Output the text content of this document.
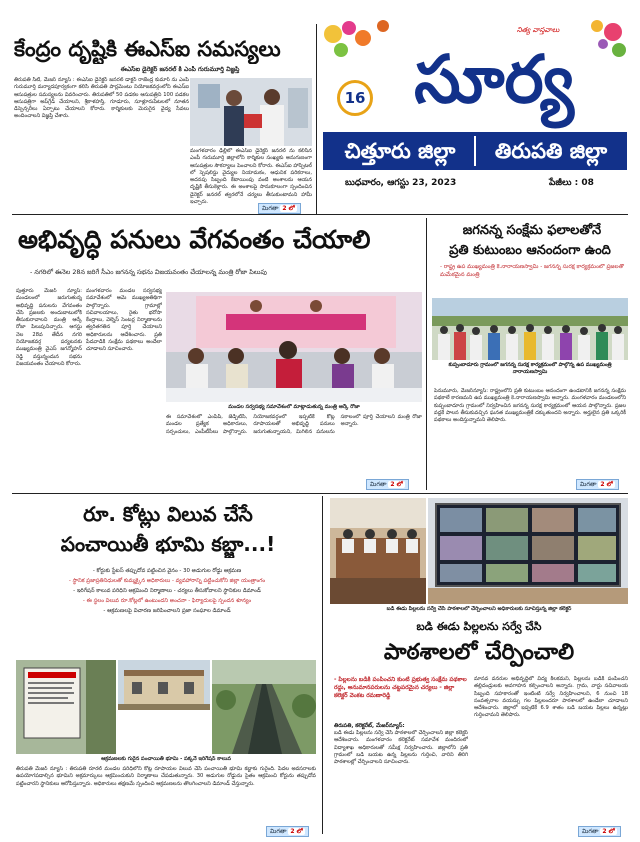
కేంద్రం దృష్టికి ఈఎస్ఐ సమస్యలు
ఈఎస్ఐ డైరెక్టర్ జనరల్ కి ఎంపీ గురుమూర్తి విజ్ఞప్తి
తిరుపతి సిటీ, మేజర్ న్యూస్ : ఈఎస్ఐ డైరెక్టర్ జనరల్ డాక్టర్ రాజేంద్ర కుమార్ ను ఎంపీ గురుమూర్తి మర్యాదపూర్వకంగా కలిసి తిరుపతి పార్లమెంటు నియోజకవర్గంలోని ఈఎస్ఐ ఆసుపత్రుల సమస్యలను వివరించారు. తిరుపతిలో 50 పడకల ఆసుపత్రిని 100 పడకల ఆసుపత్రిగా అప్‌గ్రేడ్ చేయాలని, శ్రీకాళహస్తి, గూడూరు, సూళ్లూరుపేటలలో నూతన డిస్పెన్సరీలు ఏర్పాటు చేయాలని కోరారు. కార్మికులకు మెరుగైన వైద్య సేవలు అందించాలని విజ్ఞప్తి చేశారు.
మంగళవారం ఢిల్లీలో ఈఎస్ఐ డైరెక్టర్ జనరల్ ను కలిసిన ఎంపీ గురుమూర్తి జిల్లాలోని కార్మికుల సంఖ్యకు అనుగుణంగా ఆసుపత్రుల సౌకర్యాలు పెంచాలని కోరారు. ఈఎస్ఐ హాస్పిటల్ లో స్పెషలిస్టు వైద్యుల నియామకం, ఆధునిక పరికరాలు, అదనపు సిబ్బంది కేటాయింపు వంటి అంశాలను ఆయన దృష్టికి తీసుకెళ్లారు. ఈ అంశాలపై సానుకూలంగా స్పందించిన డైరెక్టర్ జనరల్ త్వరలోనే చర్యలు తీసుకుంటామని హామీ ఇచ్చారు.
మిగతా 2 లో
16 సూర్య
నిత్య వాస్తవాలు
చిత్తూరు జిల్లా	తిరుపతి జిల్లా
బుధవారం, ఆగస్టు 23, 2023	పేజీలు : 08
అభివృద్ధి పనులు వేగవంతం చేయాలి
- నగరిలో ఈనెల 28న జరిగే సీఎం జగనన్న సభను విజయవంతం చేయాలన్న మంత్రి రోజా పిలుపు
పుత్తూరు మేజర్ న్యూస్: మండలంలో జరుగుతున్న అభివృద్ధి పనులను వేగవంతం చేసి ప్రజలకు అందుబాటులోకి తీసుకురావాలని మంత్రి ఆర్కే రోజా పిలుపునిచ్చారు. ఆగస్టు నెల 28వ తేదీన నగరి నియోజకవర్గ పర్యటనకు ముఖ్యమంత్రి వైఎస్ జగన్మోహన్ రెడ్డి వస్తున్నందున సభను విజయవంతం చేయాలని కోరారు.
మంగళవారం మండల సర్వసభ్య సమావేశంలో ఆమె ముఖ్యఅతిథిగా పాల్గొన్నారు. గ్రామాల్లో సచివాలయాలు, రైతు భరోసా కేంద్రాలు, వెల్నెస్ సెంటర్ల నిర్మాణాలను త్వరితగతిన పూర్తి చేయాలని అధికారులను ఆదేశించారు. ప్రతి పేదవాడికి సంక్షేమ పథకాలు అందేలా చూడాలని సూచించారు.
మండల సర్వసభ్య సమావేశంలో మాట్లాడుతున్న మంత్రి ఆర్కే రోజా
ఈ సమావేశంలో ఎంపీపీ, జెడ్పీటీసీ, మండల ప్రత్యేక అధికారులు, సర్పంచులు, ఎంపీటీసీలు పాల్గొన్నారు. నియోజకవర్గంలో ఇప్పటికే కోట్ల రూపాయలతో అభివృద్ధి పనులు జరుగుతున్నాయని, మిగిలిన పనులను సకాలంలో పూర్తి చేయాలని మంత్రి రోజా అన్నారు.
మిగతా 2 లో
జగనన్న సంక్షేమ ఫలాలతోనే
ప్రతి కుటుంబం ఆనందంగా ఉంది
- రాష్ట్ర ఉప ముఖ్యమంత్రి కె.నారాయణస్వామి - జగనన్న సురక్ష కార్యక్రమంలో ప్రజలతో మమేకమైన మంత్రి
కుప్పంబాదూరు గ్రామంలో జగనన్న సురక్ష కార్యక్రమంలో పాల్గొన్న ఉప ముఖ్యమంత్రి నారాయణస్వామి
పెనుమూరు, మేజర్‌న్యూస్: రాష్ట్రంలోని ప్రతి కుటుంబం ఆనందంగా ఉండటానికి జగనన్న సంక్షేమ పథకాలే కారణమని ఉప ముఖ్యమంత్రి కె.నారాయణస్వామి అన్నారు. మంగళవారం మండలంలోని కుప్పంబాదూరు గ్రామంలో నిర్వహించిన జగనన్న సురక్ష కార్యక్రమంలో ఆయన పాల్గొన్నారు. ప్రజల వద్దకే పాలన తీసుకువచ్చిన ఘనత ముఖ్యమంత్రికే దక్కుతుందని అన్నారు. అర్హులైన ప్రతి ఒక్కరికీ పథకాలు అందిస్తున్నామని తెలిపారు.
మిగతా 2 లో
రూ. కోట్లు విలువ చేసే
పంచాయితీ భూమి కబ్జా...!
- కోర్టుకు స్టేటస్ తప్పుదోవ పట్టించిన వైనం - 30 అడుగుల రోడ్డు ఆక్రమణ
- స్థానిక ప్రజాప్రతినిధులతో కుమ్మక్కైన అధికారులు - వ్యవహారాన్ని పట్టించుకోని జిల్లా యంత్రాంగం
- ఇరిగేషన్ కాలువ పరిధిని ఆక్రమించి నిర్మాణాలు - చర్యలు తీసుకోవాలని స్థానికుల డిమాండ్
- ఈ స్థలం విలువ రూ.కోట్లలో ఉంటుందని అంచనా - ఫిర్యాదులపై స్పందన శూన్యం
- ఆక్రమణలపై విచారణ జరిపించాలని ప్రజా సంఘాల డిమాండ్
ఆక్రమణలకు గురైన పంచాయితీ భూమి - పక్కనే ఇరిగేషన్ కాలువ
తిరుపతి మేజర్ న్యూస్ : తిరుపతి రూరల్ మండల పరిధిలోని కోట్ల రూపాయల విలువ చేసే పంచాయితీ భూమి కబ్జాకు గురైంది. పేదల అవసరాలకు ఉపయోగపడాల్సిన భూమిని అక్రమార్కులు ఆక్రమించుకుని నిర్మాణాలు చేపడుతున్నారు. 30 అడుగుల రోడ్డును సైతం ఆక్రమించి కోర్టును తప్పుదోవ పట్టించారని స్థానికులు ఆరోపిస్తున్నారు. అధికారులు తక్షణమే స్పందించి ఆక్రమణలను తొలగించాలని డిమాండ్ చేస్తున్నారు.
మిగతా 2 లో
బడి ఈడు పిల్లలను సర్వే చేసి పాఠశాలలో చేర్పించాలని అధికారులకు సూచిస్తున్న జిల్లా కలెక్టర్
బడి ఈడు పిల్లలను సర్వే చేసి
పాఠశాలలో చేర్పించాలి
- పిల్లలను బడికి పంపించని కుంటి ప్రభుత్వ సంక్షేమ పథకాల రద్దు, అనుమానపరులను చట్టపరమైన చర్యలు - జిల్లా కలెక్టర్ వెంకట రమణారెడ్డి
తిరుపతి, కలెక్టరేట్, మేజర్‌న్యూస్:
బడి ఈడు పిల్లలను సర్వే చేసి పాఠశాలలో చేర్పించాలని జిల్లా కలెక్టర్ ఆదేశించారు. మంగళవారం కలెక్టరేట్ సమావేశ మందిరంలో విద్యాశాఖ అధికారులతో సమీక్ష నిర్వహించారు. జిల్లాలోని ప్రతి గ్రామంలో బడి బయట ఉన్న పిల్లలను గుర్తించి, వారిని తిరిగి పాఠశాలల్లో చేర్పించాలని సూచించారు.
మానవ వనరుల అభివృద్ధిలో విద్య కీలకమని, పిల్లలను బడికి పంపించని తల్లిదండ్రులకు అవగాహన కల్పించాలని అన్నారు. గ్రామ, వార్డు సచివాలయ సిబ్బంది సహకారంతో ఇంటింటి సర్వే నిర్వహించాలని, 6 నుంచి 18 సంవత్సరాల వయస్సు గల పిల్లలందరూ పాఠశాలలో ఉండేలా చూడాలని ఆదేశించారు. జిల్లాలో ఇప్పటికే 6.9 శాతం బడి బయట పిల్లలు ఉన్నట్లు గుర్తించామని తెలిపారు.
మిగతా 2 లో
